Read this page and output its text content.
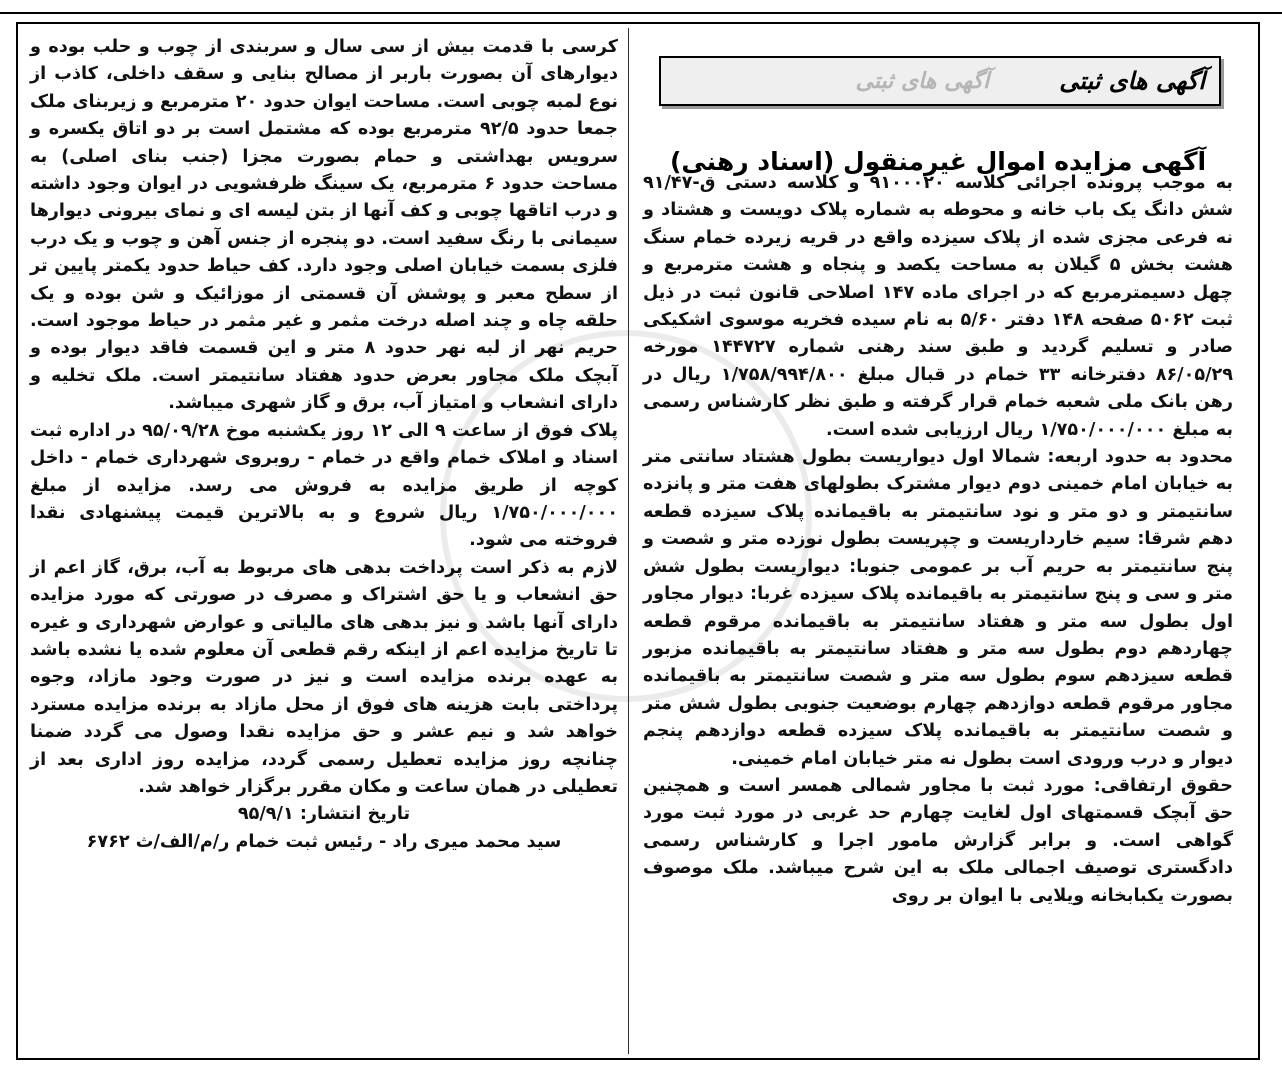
آگهی های ثبتی
آگهی های ثبتی
آگهی مزایده اموال غیرمنقول (اسناد رهنی)

به موجب پرونده اجرائی کلاسه ۹۱۰۰۰۲۰ و کلاسه دستی ق-۹۱/۴۷ شش دانگ یک باب خانه و محوطه به شماره پلاک دویست و هشتاد و نه فرعی مجزی شده از پلاک سیزده واقع در قریه زیرده خمام سنگ هشت بخش ۵ گیلان به مساحت یکصد و پنجاه و هشت مترمربع و چهل دسیمترمربع که در اجرای ماده ۱۴۷ اصلاحی قانون ثبت در ذیل ثبت ۵۰۶۲ صفحه ۱۴۸ دفتر ۵/۶۰ به نام سیده فخریه موسوی اشکیکی صادر و تسلیم گردید و طبق سند رهنی شماره ۱۴۴۷۲۷ مورخه ۸۶/۰۵/۲۹ دفترخانه ۳۳ خمام در قبال مبلغ ۱/۷۵۸/۹۹۴/۸۰۰ ریال در رهن بانک ملی شعبه خمام قرار گرفته و طبق نظر کارشناس رسمی به مبلغ ۱/۷۵۰/۰۰۰/۰۰۰ ریال ارزیابی شده است.

محدود به حدود اربعه: شمالا اول دیواریست بطول هشتاد سانتی متر به خیابان امام خمینی دوم دیوار مشترک بطولهای هفت متر و پانزده سانتیمتر و دو متر و نود سانتیمتر به باقیمانده پلاک سیزده قطعه دهم شرقا: سیم خارداریست و چپریست بطول نوزده متر و شصت و پنج سانتیمتر به حریم آب بر عمومی جنوبا: دیواریست بطول شش متر و سی و پنج سانتیمتر به باقیمانده پلاک سیزده غربا: دیوار مجاور اول بطول سه متر و هفتاد سانتیمتر به باقیمانده مرقوم قطعه چهاردهم دوم بطول سه متر و هفتاد سانتیمتر به باقیمانده مزبور قطعه سیزدهم سوم بطول سه متر و شصت سانتیمتر به باقیمانده مجاور مرقوم قطعه دوازدهم چهارم بوضعیت جنوبی بطول شش متر و شصت سانتیمتر به باقیمانده پلاک سیزده قطعه دوازدهم پنجم دیوار و درب ورودی است بطول نه متر خیابان امام خمینی.

حقوق ارتفاقی: مورد ثبت با مجاور شمالی همسر است و همچنین حق آبچک قسمتهای اول لغایت چهارم حد غربی در مورد ثبت مورد گواهی است. و برابر گزارش مامور اجرا و کارشناس رسمی دادگستری توصیف اجمالی ملک به این شرح میباشد. ملک موصوف بصورت یکبابخانه ویلایی با ایوان بر روی

کرسی با قدمت بیش از سی سال و سربندی از چوب و حلب بوده و دیوارهای آن بصورت باربر از مصالح بنایی و سقف داخلی، کاذب از نوع لمبه چوبی است. مساحت ایوان حدود ۲۰ مترمربع و زیربنای ملک جمعا حدود ۹۲/۵ مترمربع بوده که مشتمل است بر دو اتاق یکسره و سرویس بهداشتی و حمام بصورت مجزا (جنب بنای اصلی) به مساحت حدود ۶ مترمربع، یک سینگ ظرفشویی در ایوان وجود داشته و درب اتاقها چوبی و کف آنها از بتن لیسه ای و نمای بیرونی دیوارها سیمانی با رنگ سفید است. دو پنجره از جنس آهن و چوب و یک درب فلزی بسمت خیابان اصلی وجود دارد. کف حیاط حدود یکمتر پایین تر از سطح معبر و پوشش آن قسمتی از موزائیک و شن بوده و یک حلقه چاه و چند اصله درخت مثمر و غیر مثمر در حیاط موجود است. حریم نهر از لبه نهر حدود ۸ متر و این قسمت فاقد دیوار بوده و آبچک ملک مجاور بعرض حدود هفتاد سانتیمتر است. ملک تخلیه و دارای انشعاب و امتیاز آب، برق و گاز شهری میباشد.

پلاک فوق از ساعت ۹ الی ۱۲ روز یکشنبه موخ ۹۵/۰۹/۲۸ در اداره ثبت اسناد و املاک خمام واقع در خمام - روبروی شهرداری خمام - داخل کوچه از طریق مزایده به فروش می رسد. مزایده از مبلغ ۱/۷۵۰/۰۰۰/۰۰۰ ریال شروع و به بالاترین قیمت پیشنهادی نقدا فروخته می شود.

لازم به ذکر است پرداخت بدهی های مربوط به آب، برق، گاز اعم از حق انشعاب و یا حق اشتراک و مصرف در صورتی که مورد مزایده دارای آنها باشد و نیز بدهی های مالیاتی و عوارض شهرداری و غیره تا تاریخ مزایده اعم از اینکه رقم قطعی آن معلوم شده یا نشده باشد به عهده برنده مزایده است و نیز در صورت وجود مازاد، وجوه پرداختی بابت هزینه های فوق از محل مازاد به برنده مزایده مسترد خواهد شد و نیم عشر و حق مزایده نقدا وصول می گردد ضمنا چنانچه روز مزایده تعطیل رسمی گردد، مزایده روز اداری بعد از تعطیلی در همان ساعت و مکان مقرر برگزار خواهد شد.

تاریخ انتشار: ۹۵/۹/۱

سید محمد میری راد - رئیس ثبت خمام ر/م/الف/ث ۶۷۶۲
